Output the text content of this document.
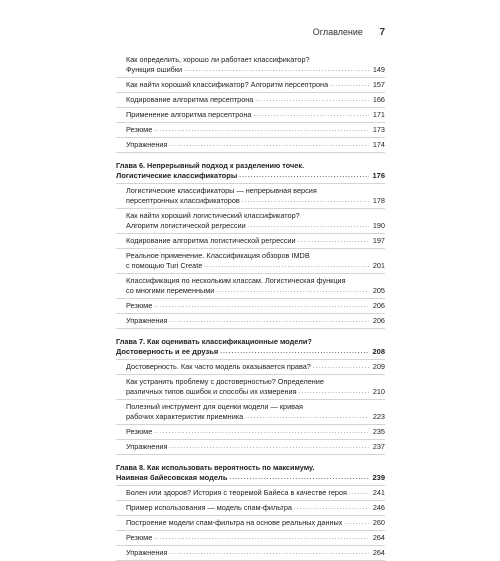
Оглавление 7
Как определить, хорошо ли работает классификатор?
Функция ошибки .....	149
Как найти хороший классификатор? Алгоритм персептрона .....	157
Кодирование алгоритма персептрона .....	166
Применение алгоритма персептрона .....	171
Резюме .....	173
Упражнения .....	174
Глава 6. Непрерывный подход к разделению точек.
Логистические классификаторы .....	176
Логистические классификаторы — непрерывная версия
персептронных классификаторов .....	178
Как найти хороший логистический классификатор?
Алгоритм логистической регрессии .....	190
Кодирование алгоритма логистической регрессии .....	197
Реальное применение. Классификация обзоров IMDB
с помощью Turi Create .....	201
Классификация по нескольким классам. Логистическая функция
со многими переменными .....	205
Резюме .....	206
Упражнения .....	206
Глава 7. Как оценивать классификационные модели?
Достоверность и ее друзья .....	208
Достоверность. Как часто модель оказывается права? .....	209
Как устранить проблему с достоверностью? Определение
различных типов ошибок и способы их измерения .....	210
Полезный инструмент для оценки модели — кривая
рабочих характеристик приемника .....	223
Резюме .....	235
Упражнения .....	237
Глава 8. Как использовать вероятность по максимуму.
Наивная байесовская модель .....	239
Болен или здоров? История с теоремой Байеса в качестве героя .....	241
Пример использования — модель спам-фильтра .....	246
Построение модели спам-фильтра на основе реальных данных .....	260
Резюме .....	264
Упражнения .....	264
